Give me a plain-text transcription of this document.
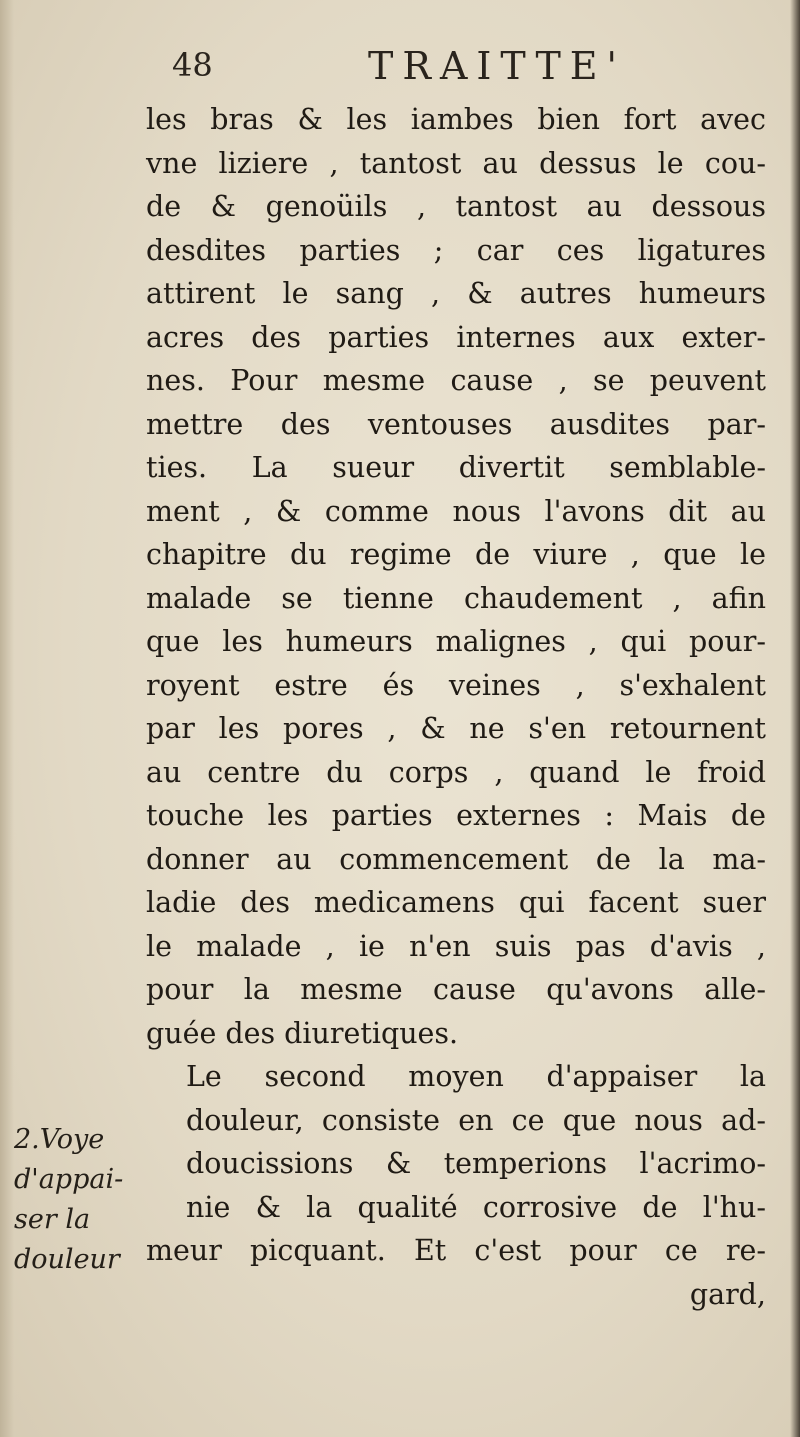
48	TRAITTE'
les bras & les iambes bien fort avec
vne liziere , tantost au dessus le cou-
de & genoüils , tantost au dessous
desdites parties ; car ces ligatures
attirent le sang , & autres humeurs
acres des parties internes aux exter-
nes. Pour mesme cause , se peuvent
mettre des ventouses ausdites par-
ties. La sueur divertit semblable-
ment , & comme nous l'avons dit au
chapitre du regime de viure , que le
malade se tienne chaudement , afin
que les humeurs malignes , qui pour-
royent estre és veines , s'exhalent
par les pores , & ne s'en retournent
au centre du corps , quand le froid
touche les parties externes : Mais de
donner au commencement de la ma-
ladie des medicamens qui facent suer
le malade , ie n'en suis pas d'avis ,
pour la mesme cause qu'avons alle-
guée des diuretiques.
Le second moyen d'appaiser la
douleur, consiste en ce que nous ad-
doucissions & temperions l'acrimo-
nie & la qualité corrosive de l'hu-
meur picquant. Et c'est pour ce re-
gard,
2.Voye
d'appai-
ser la
douleur
